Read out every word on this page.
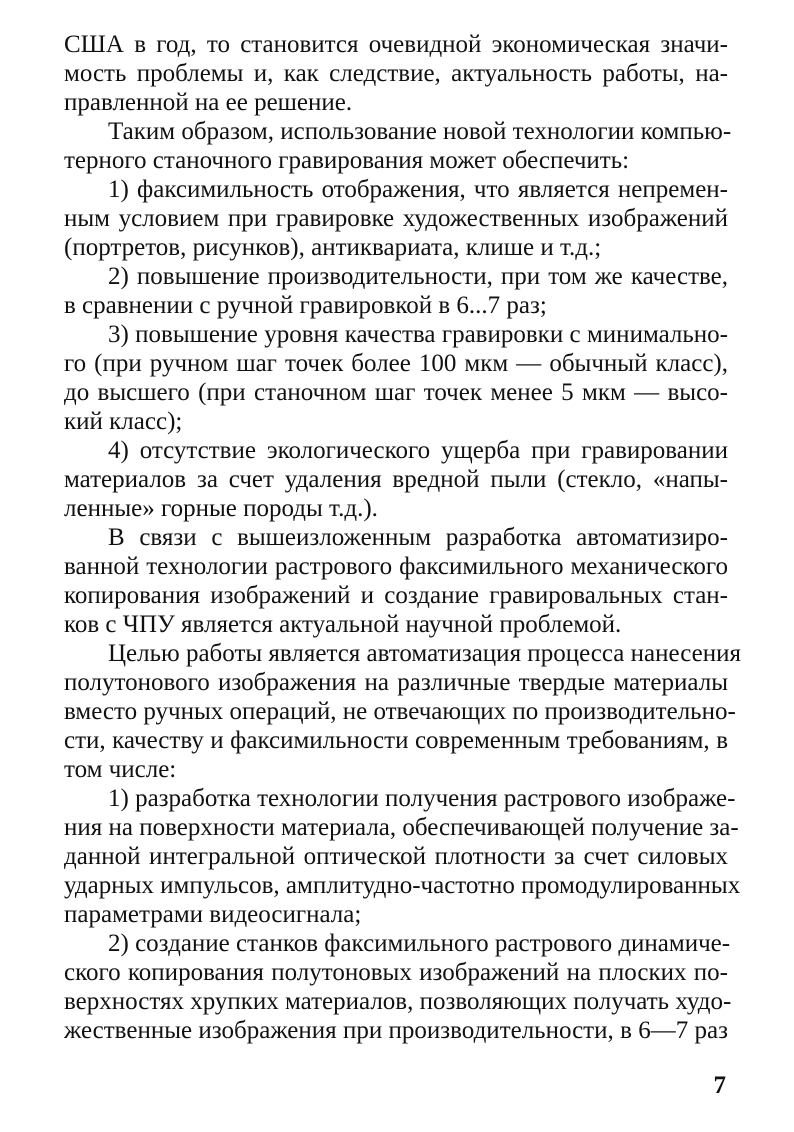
США в год, то становится очевидной экономическая значи-
мость проблемы и, как следствие, актуальность работы, на-
правленной на ее решение.
Таким образом, использование новой технологии компью-
терного станочного гравирования может обеспечить:
1) факсимильность отображения, что является непремен-
ным условием при гравировке художественных изображений
(портретов, рисунков), антиквариата, клише и т.д.;
2) повышение производительности, при том же качестве,
в сравнении с ручной гравировкой в 6...7 раз;
3) повышение уровня качества гравировки с минимально-
го (при ручном шаг точек более 100 мкм — обычный класс),
до высшего (при станочном шаг точек менее 5 мкм — высо-
кий класс);
4) отсутствие экологического ущерба при гравировании
материалов за счет удаления вредной пыли (стекло, «напы-
ленные» горные породы т.д.).
В связи с вышеизложенным разработка автоматизиро-
ванной технологии растрового факсимильного механического
копирования изображений и создание гравировальных стан-
ков с ЧПУ является актуальной научной проблемой.
Целью работы является автоматизация процесса нанесения
полутонового изображения на различные твердые материалы
вместо ручных операций, не отвечающих по производительно-
сти, качеству и факсимильности современным требованиям, в
том числе:
1) разработка технологии получения растрового изображе-
ния на поверхности материала, обеспечивающей получение за-
данной интегральной оптической плотности за счет силовых
ударных импульсов, амплитудно-частотно промодулированных
параметрами видеосигнала;
2) создание станков факсимильного растрового динамиче-
ского копирования полутоновых изображений на плоских по-
верхностях хрупких материалов, позволяющих получать худо-
жественные изображения при производительности, в 6—7 раз
7
